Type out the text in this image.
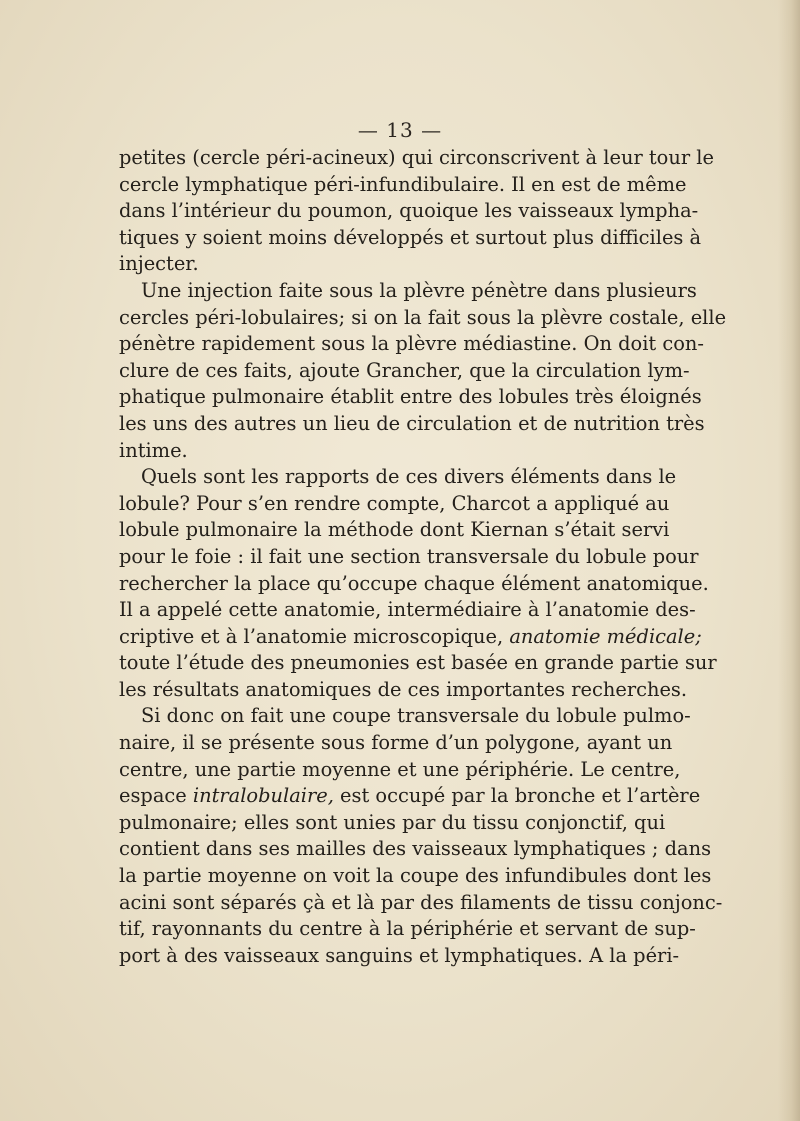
— 13 —
petites (cercle péri-acineux) qui circonscrivent à leur tour le
cercle lymphatique péri-infundibulaire. Il en est de même
dans l’intérieur du poumon, quoique les vaisseaux lympha-
tiques y soient moins développés et surtout plus difficiles à
injecter.
Une injection faite sous la plèvre pénètre dans plusieurs
cercles péri-lobulaires; si on la fait sous la plèvre costale, elle
pénètre rapidement sous la plèvre médiastine. On doit con-
clure de ces faits, ajoute Grancher, que la circulation lym-
phatique pulmonaire établit entre des lobules très éloignés
les uns des autres un lieu de circulation et de nutrition très
intime.
Quels sont les rapports de ces divers éléments dans le
lobule? Pour s’en rendre compte, Charcot a appliqué au
lobule pulmonaire la méthode dont Kiernan s’était servi
pour le foie : il fait une section transversale du lobule pour
rechercher la place qu’occupe chaque élément anatomique.
Il a appelé cette anatomie, intermédiaire à l’anatomie des-
criptive et à l’anatomie microscopique, anatomie médicale;
toute l’étude des pneumonies est basée en grande partie sur
les résultats anatomiques de ces importantes recherches.
Si donc on fait une coupe transversale du lobule pulmo-
naire, il se présente sous forme d’un polygone, ayant un
centre, une partie moyenne et une périphérie. Le centre,
espace intralobulaire, est occupé par la bronche et l’artère
pulmonaire; elles sont unies par du tissu conjonctif, qui
contient dans ses mailles des vaisseaux lymphatiques ; dans
la partie moyenne on voit la coupe des infundibules dont les
acini sont séparés çà et là par des filaments de tissu conjonc-
tif, rayonnants du centre à la périphérie et servant de sup-
port à des vaisseaux sanguins et lymphatiques. A la péri-
